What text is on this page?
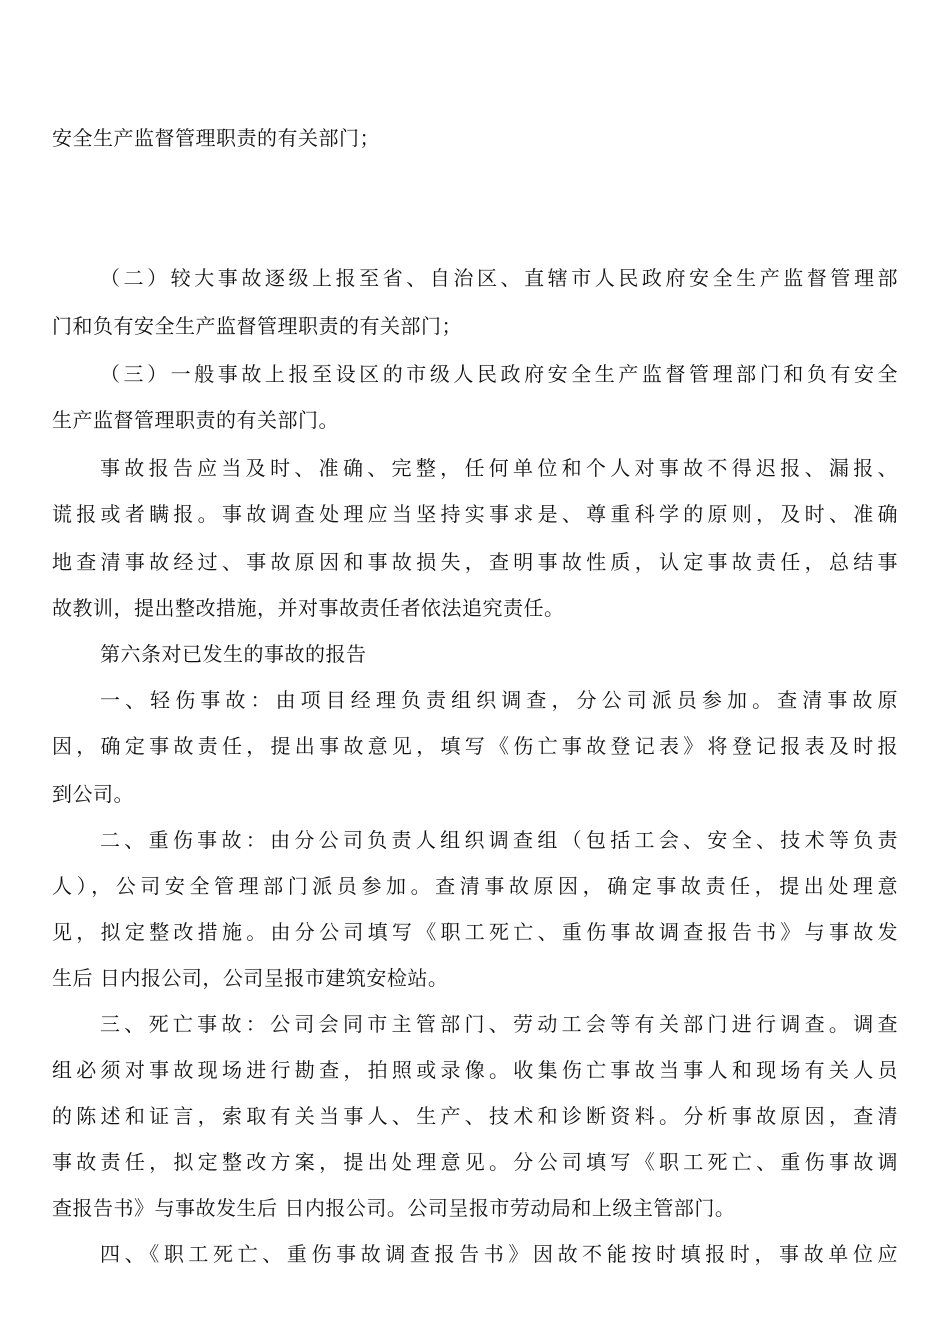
安全生产监督管理职责的有关部门；
（二）较大事故逐级上报至省、自治区、直辖市人民政府安全生产监督管理部
门和负有安全生产监督管理职责的有关部门；
（三）一般事故上报至设区的市级人民政府安全生产监督管理部门和负有安全
生产监督管理职责的有关部门。
事故报告应当及时、准确、完整，任何单位和个人对事故不得迟报、漏报、
谎报或者瞒报。事故调查处理应当坚持实事求是、尊重科学的原则，及时、准确
地查清事故经过、事故原因和事故损失，查明事故性质，认定事故责任，总结事
故教训，提出整改措施，并对事故责任者依法追究责任。
第六条对已发生的事故的报告
一、轻伤事故：由项目经理负责组织调查，分公司派员参加。查清事故原
因，确定事故责任，提出事故意见，填写《伤亡事故登记表》将登记报表及时报
到公司。
二、重伤事故：由分公司负责人组织调查组（包括工会、安全、技术等负责
人），公司安全管理部门派员参加。查清事故原因，确定事故责任，提出处理意
见，拟定整改措施。由分公司填写《职工死亡、重伤事故调查报告书》与事故发
生后 日内报公司，公司呈报市建筑安检站。
三、死亡事故：公司会同市主管部门、劳动工会等有关部门进行调查。调查
组必须对事故现场进行勘查，拍照或录像。收集伤亡事故当事人和现场有关人员
的陈述和证言，索取有关当事人、生产、技术和诊断资料。分析事故原因，查清
事故责任，拟定整改方案，提出处理意见。分公司填写《职工死亡、重伤事故调
查报告书》与事故发生后 日内报公司。公司呈报市劳动局和上级主管部门。
四、《职工死亡、重伤事故调查报告书》因故不能按时填报时，事故单位应
